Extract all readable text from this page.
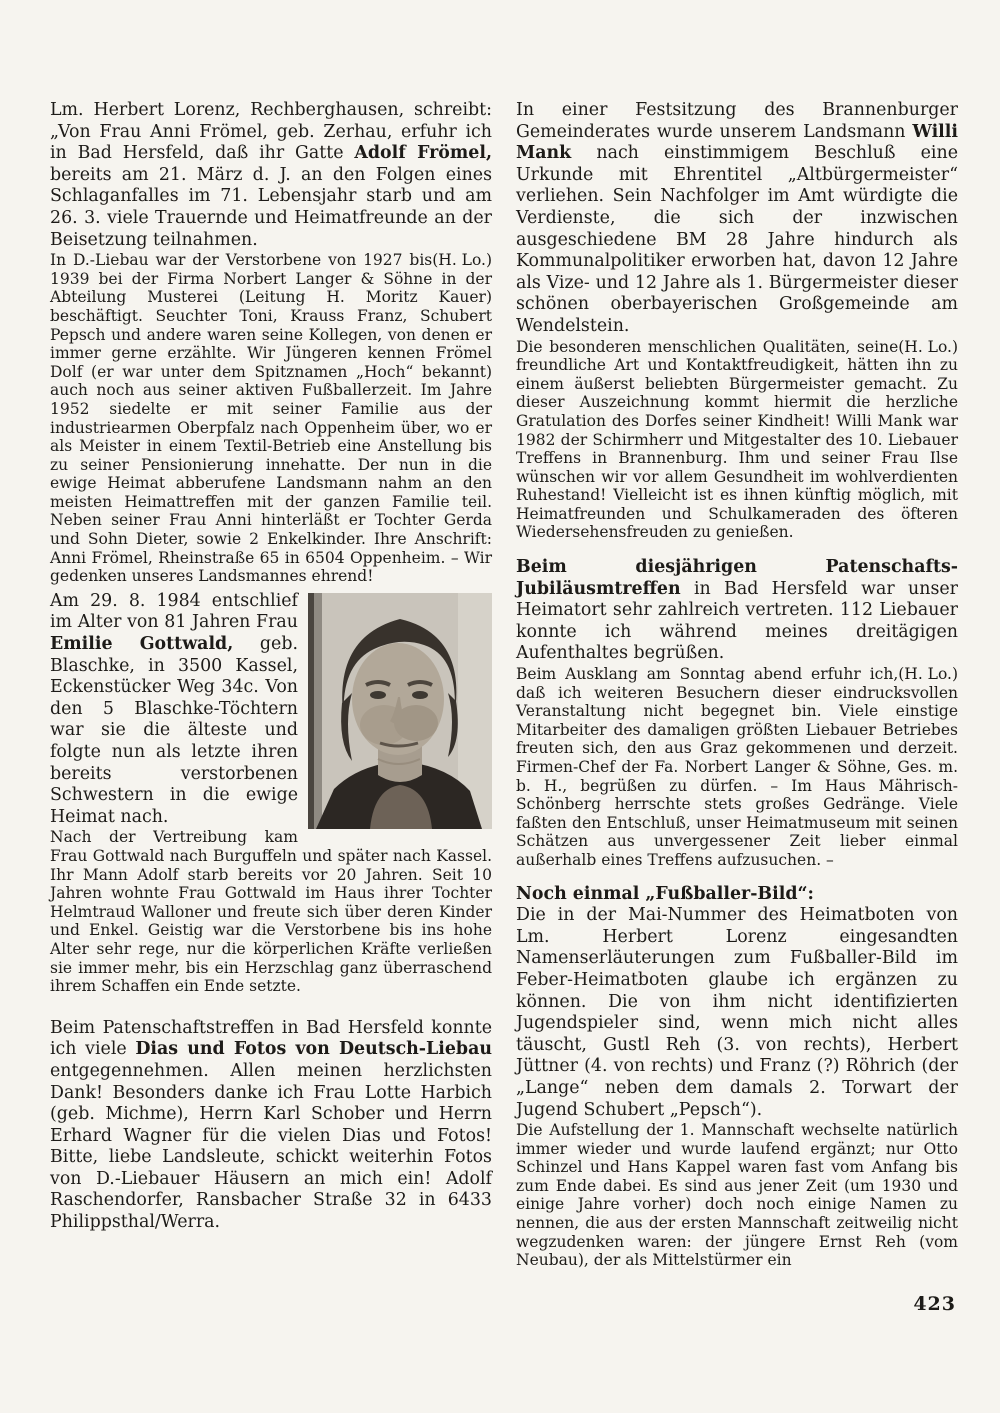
Lm. Herbert Lorenz, Rechberghausen, schreibt: „Von Frau Anni Frömel, geb. Zerhau, erfuhr ich in Bad Hersfeld, daß ihr Gatte Adolf Frömel, bereits am 21. März d. J. an den Folgen eines Schlaganfalles im 71. Lebensjahr starb und am 26. 3. viele Trauernde und Heimatfreunde an der Beisetzung teilnahmen.

(H. Lo.)
In D.-Liebau war der Verstorbene von 1927 bis 1939 bei der Firma Norbert Langer & Söhne in der Abteilung Musterei (Leitung H. Moritz Kauer) beschäftigt. Seuchter Toni, Krauss Franz, Schubert Pepsch und andere waren seine Kollegen, von denen er immer gerne erzählte. Wir Jüngeren kennen Frömel Dolf (er war unter dem Spitznamen „Hoch“ bekannt) auch noch aus seiner aktiven Fußballerzeit. Im Jahre 1952 siedelte er mit seiner Familie aus der industriearmen Oberpfalz nach Oppenheim über, wo er als Meister in einem Textil-Betrieb eine Anstellung bis zu seiner Pensionierung innehatte. Der nun in die ewige Heimat abberufene Landsmann nahm an den meisten Heimattreffen mit der ganzen Familie teil. Neben seiner Frau Anni hinterläßt er Tochter Gerda und Sohn Dieter, sowie 2 Enkelkinder. Ihre Anschrift: Anni Frömel, Rheinstraße 65 in 6504 Oppenheim. – Wir gedenken unseres Landsmannes ehrend!

Am 29. 8. 1984 entschlief im Alter von 81 Jahren Frau Emilie Gottwald, geb. Blaschke, in 3500 Kassel, Eckenstücker Weg 34c. Von den 5 Blaschke-Töchtern war sie die älteste und folgte nun als letzte ihren bereits verstorbenen Schwestern in die ewige Heimat nach.

Nach der Vertreibung kam Frau Gottwald nach Burguffeln und später nach Kassel. Ihr Mann Adolf starb bereits vor 20 Jahren. Seit 10 Jahren wohnte Frau Gottwald im Haus ihrer Tochter Helmtraud Walloner und freute sich über deren Kinder und Enkel. Geistig war die Verstorbene bis ins hohe Alter sehr rege, nur die körperlichen Kräfte verließen sie immer mehr, bis ein Herzschlag ganz überraschend ihrem Schaffen ein Ende setzte.

Beim Patenschaftstreffen in Bad Hersfeld konnte ich viele Dias und Fotos von Deutsch-Liebau entgegennehmen. Allen meinen herzlichsten Dank! Besonders danke ich Frau Lotte Harbich (geb. Michme), Herrn Karl Schober und Herrn Erhard Wagner für die vielen Dias und Fotos! Bitte, liebe Landsleute, schickt weiterhin Fotos von D.-Liebauer Häusern an mich ein! Adolf Raschendorfer, Ransbacher Straße 32 in 6433 Philippsthal/Werra.

In einer Festsitzung des Brannenburger Gemeinderates wurde unserem Landsmann Willi Mank nach einstimmigem Beschluß eine Urkunde mit Ehrentitel „Altbürgermeister“ verliehen. Sein Nachfolger im Amt würdigte die Verdienste, die sich der inzwischen ausgeschiedene BM 28 Jahre hindurch als Kommunalpolitiker erworben hat, davon 12 Jahre als Vize- und 12 Jahre als 1. Bürgermeister dieser schönen oberbayerischen Großgemeinde am Wendelstein.

(H. Lo.)
Die besonderen menschlichen Qualitäten, seine freundliche Art und Kontaktfreudigkeit, hätten ihn zu einem äußerst beliebten Bürgermeister gemacht. Zu dieser Auszeichnung kommt hiermit die herzliche Gratulation des Dorfes seiner Kindheit! Willi Mank war 1982 der Schirmherr und Mitgestalter des 10. Liebauer Treffens in Brannenburg. Ihm und seiner Frau Ilse wünschen wir vor allem Gesundheit im wohlverdienten Ruhestand! Vielleicht ist es ihnen künftig möglich, mit Heimatfreunden und Schulkameraden des öfteren Wiedersehensfreuden zu genießen.

Beim diesjährigen Patenschafts-Jubiläusmtreffen in Bad Hersfeld war unser Heimatort sehr zahlreich vertreten. 112 Liebauer konnte ich während meines dreitägigen Aufenthaltes begrüßen.

(H. Lo.)
Beim Ausklang am Sonntag abend erfuhr ich, daß ich weiteren Besuchern dieser eindrucksvollen Veranstaltung nicht begegnet bin. Viele einstige Mitarbeiter des damaligen größten Liebauer Betriebes freuten sich, den aus Graz gekommenen und derzeit. Firmen-Chef der Fa. Norbert Langer & Söhne, Ges. m. b. H., begrüßen zu dürfen. – Im Haus Mährisch-Schönberg herrschte stets großes Gedränge. Viele faßten den Entschluß, unser Heimatmuseum mit seinen Schätzen aus unvergessener Zeit lieber einmal außerhalb eines Treffens aufzusuchen. –

Noch einmal „Fußballer-Bild“:

Die in der Mai-Nummer des Heimatboten von Lm. Herbert Lorenz eingesandten Namenserläuterungen zum Fußballer-Bild im Feber-Heimatboten glaube ich ergänzen zu können. Die von ihm nicht identifizierten Jugendspieler sind, wenn mich nicht alles täuscht, Gustl Reh (3. von rechts), Herbert Jüttner (4. von rechts) und Franz (?) Röhrich (der „Lange“ neben dem damals 2. Torwart der Jugend Schubert „Pepsch“).

Die Aufstellung der 1. Mannschaft wechselte natürlich immer wieder und wurde laufend ergänzt; nur Otto Schinzel und Hans Kappel waren fast vom Anfang bis zum Ende dabei. Es sind aus jener Zeit (um 1930 und einige Jahre vorher) doch noch einige Namen zu nennen, die aus der ersten Mannschaft zeitweilig nicht wegzudenken waren: der jüngere Ernst Reh (vom Neubau), der als Mittelstürmer ein

423
